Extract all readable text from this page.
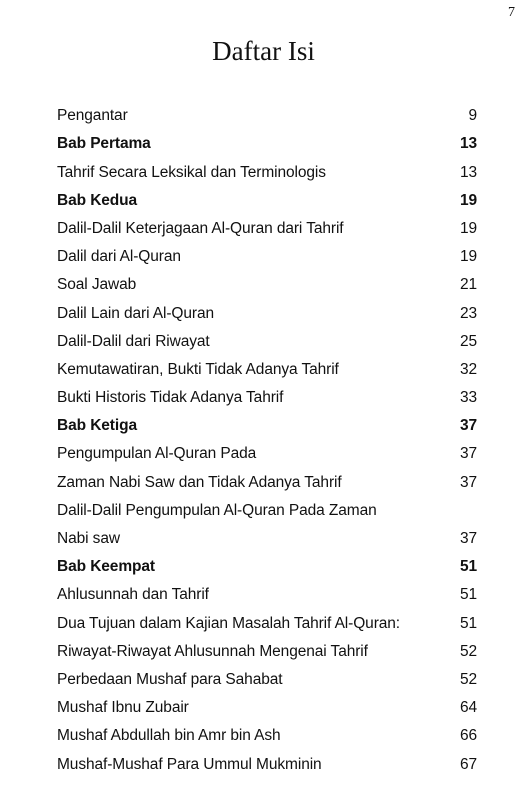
7
Daftar Isi
Pengantar	9
Bab Pertama	13
Tahrif Secara Leksikal dan Terminologis	13
Bab Kedua	19
Dalil-Dalil Keterjagaan Al-Quran dari Tahrif	19
Dalil dari Al-Quran	19
Soal Jawab	21
Dalil Lain dari Al-Quran	23
Dalil-Dalil dari Riwayat	25
Kemutawatiran, Bukti Tidak Adanya Tahrif	32
Bukti Historis Tidak Adanya Tahrif	33
Bab Ketiga	37
Pengumpulan Al-Quran Pada	37
Zaman Nabi Saw dan Tidak Adanya Tahrif	37
Dalil-Dalil Pengumpulan Al-Quran Pada Zaman
Nabi saw	37
Bab Keempat	51
Ahlusunnah dan Tahrif	51
Dua Tujuan dalam Kajian Masalah Tahrif Al-Quran:	51
Riwayat-Riwayat Ahlusunnah Mengenai Tahrif	52
Perbedaan Mushaf para Sahabat	52
Mushaf Ibnu Zubair	64
Mushaf Abdullah bin Amr bin Ash	66
Mushaf-Mushaf Para Ummul Mukminin	67
